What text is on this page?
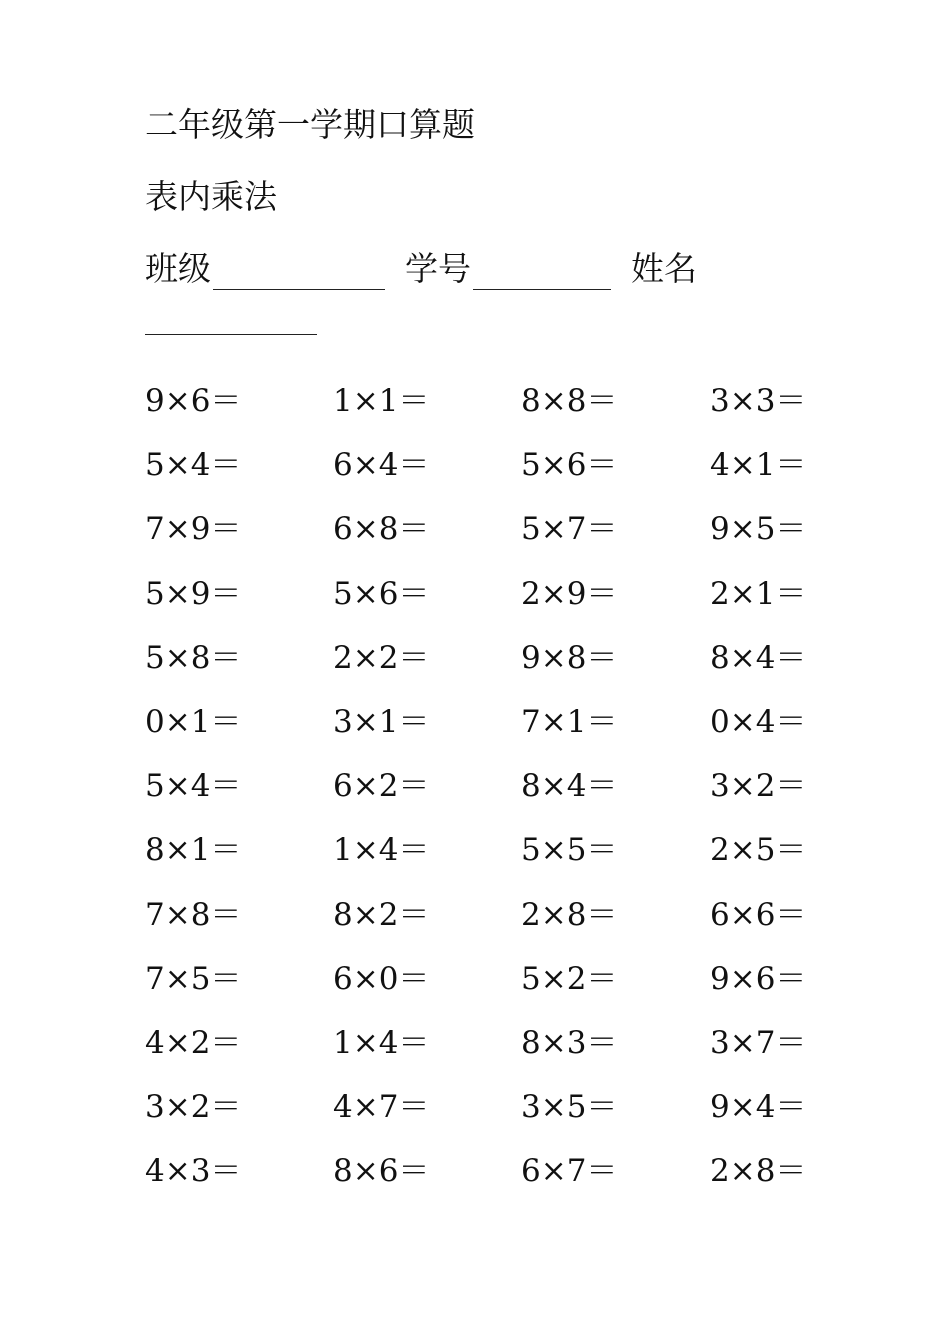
二年级第一学期口算题
表内乘法
班级	学号	姓名
9×6＝	1×1＝	8×8＝	3×3＝
5×4＝	6×4＝	5×6＝	4×1＝
7×9＝	6×8＝	5×7＝	9×5＝
5×9＝	5×6＝	2×9＝	2×1＝
5×8＝	2×2＝	9×8＝	8×4＝
0×1＝	3×1＝	7×1＝	0×4＝
5×4＝	6×2＝	8×4＝	3×2＝
8×1＝	1×4＝	5×5＝	2×5＝
7×8＝	8×2＝	2×8＝	6×6＝
7×5＝	6×0＝	5×2＝	9×6＝
4×2＝	1×4＝	8×3＝	3×7＝
3×2＝	4×7＝	3×5＝	9×4＝
4×3＝	8×6＝	6×7＝	2×8＝
